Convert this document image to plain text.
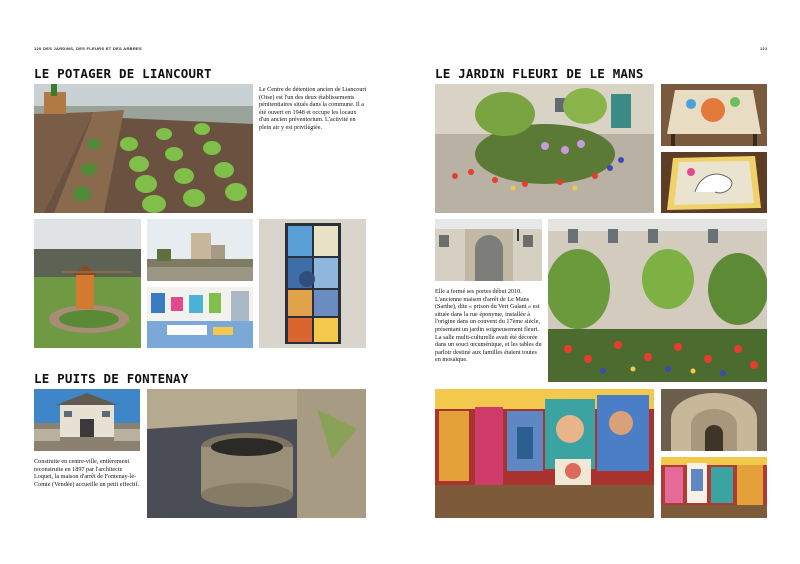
120 DES JARDINS, DES FLEURS ET DES ARBRES
LE POTAGER DE LIANCOURT
Le Centre de détention ancien de Liancourt (Oise) est l'un des deux établissements pénitentiaires situés dans la commune. Il a été ouvert en 1948 et occupe les locaux d'un ancien préventorium. L'activité en plein air y est privilégiée.
LE PUITS DE FONTENAY
Construite en centre-ville, entièrement reconstruite en 1897 par l'architecte Loquet, la maison d'arrêt de Fontenay-le-Comte (Vendée) accueille un petit effectif.
121
LE JARDIN FLEURI DE LE MANS
Elle a fermé ses portes début 2010. L'ancienne maison d'arrêt de Le Mans (Sarthe), dite « prison du Vert Galant » est située dans la rue éponyme, installée à l'origine dans un couvent du 17ème siècle, présentant un jardin soigneusement fleuri. La salle multi-culturelle avait été décorée dans un souci œcuménique, et les tables du parloir destiné aux familles étaient toutes en mosaïque.
